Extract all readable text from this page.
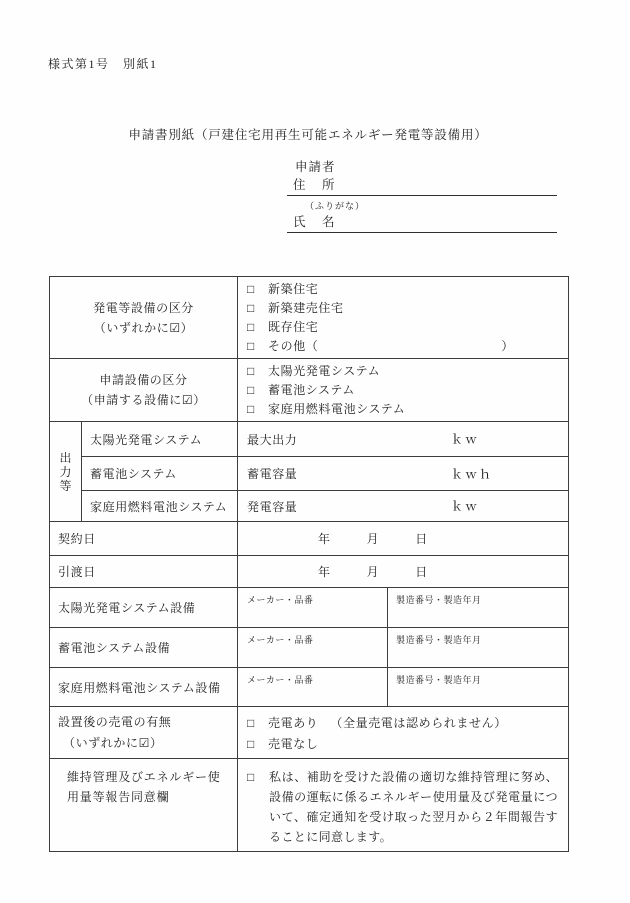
様式第1号　別紙1
申請書別紙（戸建住宅用再生可能エネルギー発電等設備用）
申請者
住　所
（ふりがな）
氏　名
発電等設備の区分
（いずれかに☑）

□	新築住宅
□	新築建売住宅
□	既存住宅
□	その他（	）

申請設備の区分
（申請する設備に☑）

□	太陽光発電システム
□	蓄電池システム
□	家庭用燃料電池システム

出力等	太陽光発電システム	最大出力 ｋｗ	

	蓄電池システム	蓄電容量 ｋｗｈ	

	家庭用燃料電池システム	発電容量 ｋｗ	

契約日		年 月 日	

引渡日		年 月 日	

太陽光発電システム設備		メーカー・品番	製造番号・製造年月
蓄電池システム設備		メーカー・品番	製造番号・製造年月
家庭用燃料電池システム設備		メーカー・品番	製造番号・製造年月

設置後の売電の有無
（いずれかに☑）

□	売電あり （全量売電は認められません）
□	売電なし

維持管理及びエネルギー使用量等報告同意欄		□ 私は、補助を受けた設備の適切な維持管理に努め、設備の運転に係るエネルギー使用量及び発電量について、確定通知を受け取った翌月から２年間報告することに同意します。	
